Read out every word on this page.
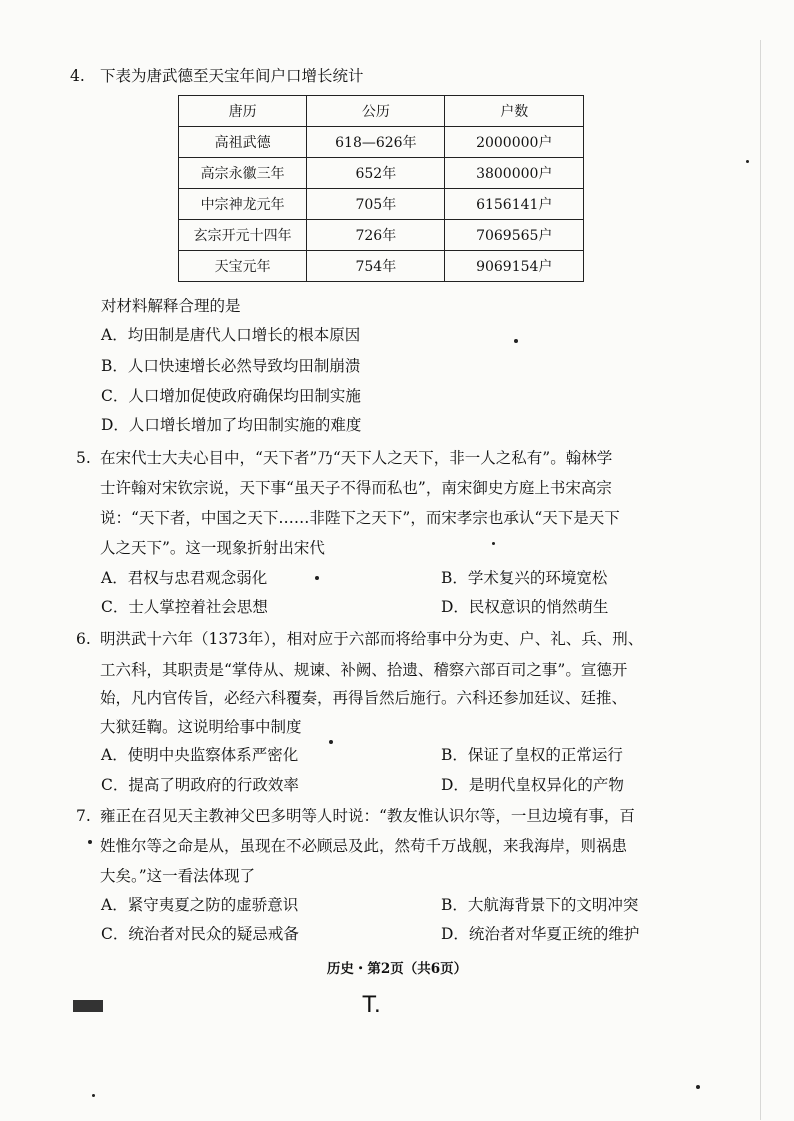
4. 下表为唐武德至天宝年间户口增长统计
唐历	公历	户数
高祖武德	618—626年	2000000户
高宗永徽三年	652年	3800000户
中宗神龙元年	705年	6156141户
玄宗开元十四年	726年	7069565户
天宝元年	754年	9069154户
对材料解释合理的是
A．均田制是唐代人口增长的根本原因
B．人口快速增长必然导致均田制崩溃
C．人口增加促使政府确保均田制实施
D．人口增长增加了均田制实施的难度
5. 在宋代士大夫心目中，“天下者”乃“天下人之天下，非一人之私有”。翰林学
士许翰对宋钦宗说，天下事“虽天子不得而私也”，南宋御史方庭上书宋高宗
说：“天下者，中国之天下……非陛下之天下”，而宋孝宗也承认“天下是天下
人之天下”。这一现象折射出宋代
A．君权与忠君观念弱化	B．学术复兴的环境宽松
C．士人掌控着社会思想	D．民权意识的悄然萌生
6. 明洪武十六年（1373年），相对应于六部而将给事中分为吏、户、礼、兵、刑、
工六科，其职责是“掌侍从、规谏、补阙、拾遗、稽察六部百司之事”。宣德开
始，凡内官传旨，必经六科覆奏，再得旨然后施行。六科还参加廷议、廷推、
大狱廷鞫。这说明给事中制度
A．使明中央监察体系严密化	B．保证了皇权的正常运行
C．提高了明政府的行政效率	D．是明代皇权异化的产物
7. 雍正在召见天主教神父巴多明等人时说：“教友惟认识尔等，一旦边境有事，百
姓惟尔等之命是从，虽现在不必顾忌及此，然苟千万战舰，来我海岸，则祸患
大矣。”这一看法体现了
A．紧守夷夏之防的虚骄意识	B．大航海背景下的文明冲突
C．统治者对民众的疑忌戒备	D．统治者对华夏正统的维护
历史・第2页（共6页）
T.
